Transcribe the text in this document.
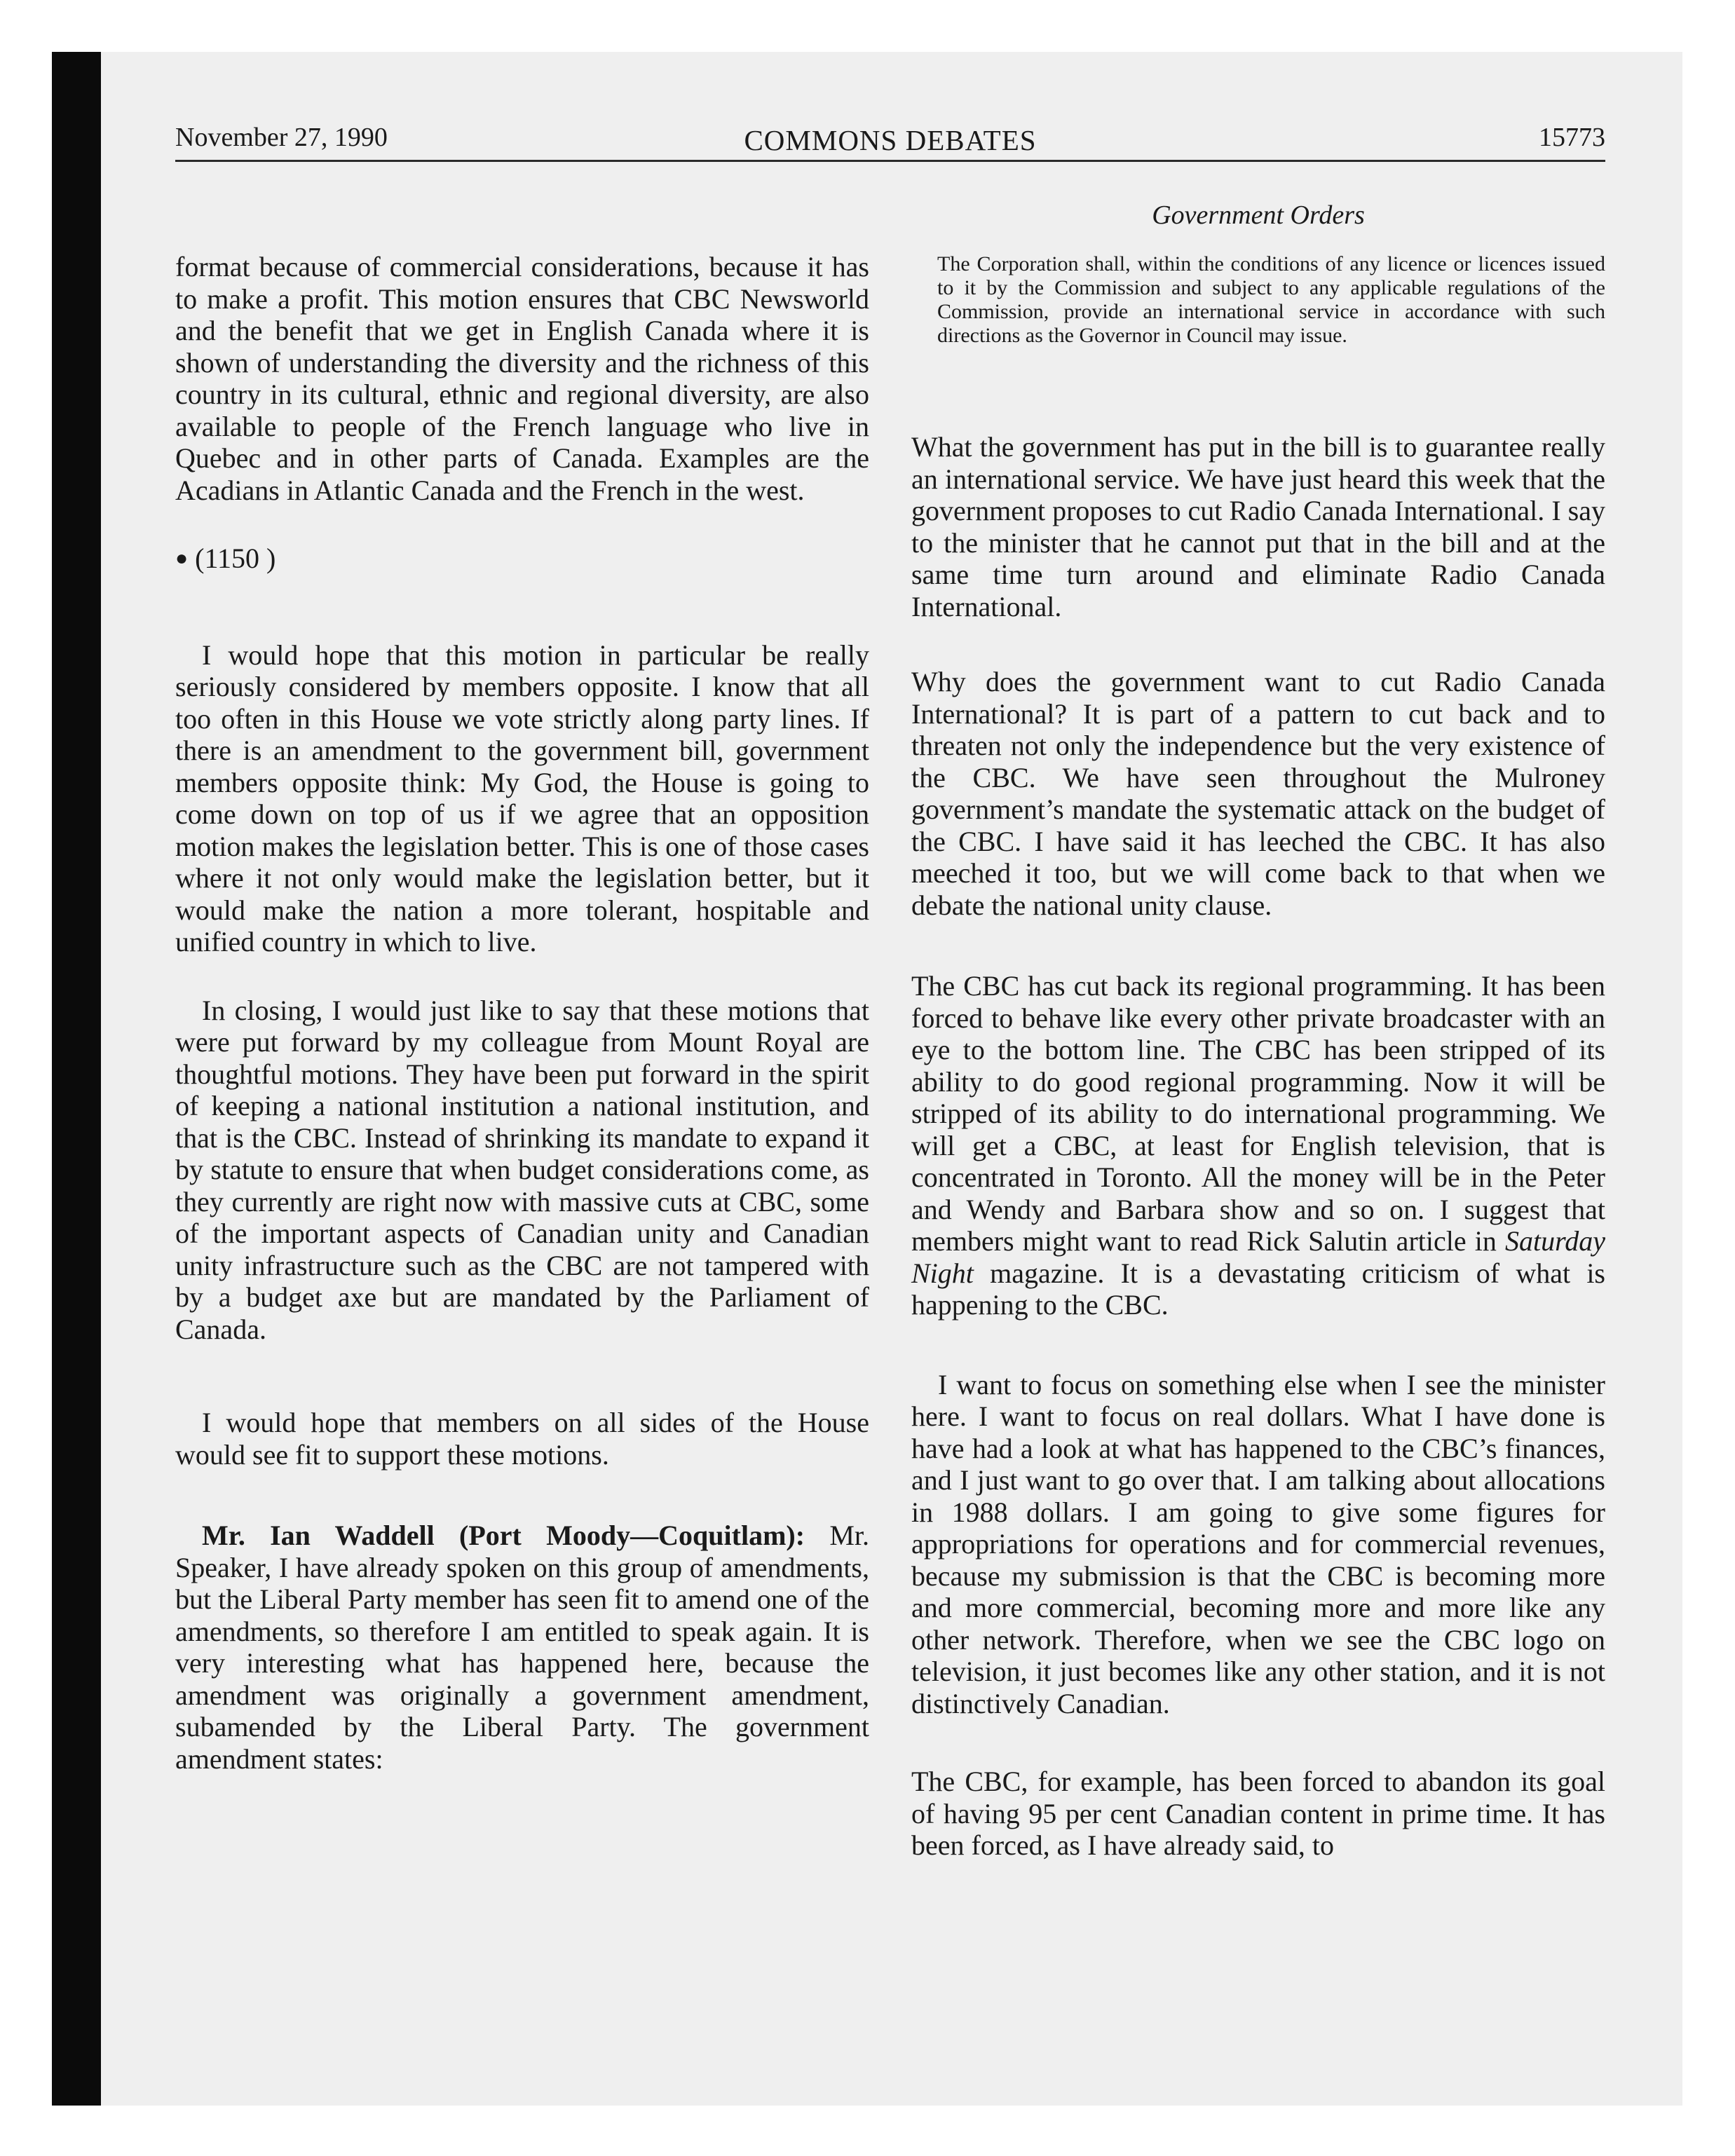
November 27, 1990	COMMONS DEBATES	15773
Government Orders

format because of commercial considerations, because it has to make a profit. This motion ensures that CBC Newsworld and the benefit that we get in English Canada where it is shown of understanding the diversity and the richness of this country in its cultural, ethnic and regional diversity, are also available to people of the French language who live in Quebec and in other parts of Canada. Examples are the Acadians in Atlantic Canada and the French in the west.

● (1150 )

I would hope that this motion in particular be really seriously considered by members opposite. I know that all too often in this House we vote strictly along party lines. If there is an amendment to the government bill, government members opposite think: My God, the House is going to come down on top of us if we agree that an opposition motion makes the legislation better. This is one of those cases where it not only would make the legislation better, but it would make the nation a more tolerant, hospitable and unified country in which to live.

In closing, I would just like to say that these motions that were put forward by my colleague from Mount Royal are thoughtful motions. They have been put forward in the spirit of keeping a national institution a national institution, and that is the CBC. Instead of shrinking its mandate to expand it by statute to ensure that when budget considerations come, as they currently are right now with massive cuts at CBC, some of the important aspects of Canadian unity and Canadian unity infrastructure such as the CBC are not tampered with by a budget axe but are mandated by the Parliament of Canada.

I would hope that members on all sides of the House would see fit to support these motions.

Mr. Ian Waddell (Port Moody—Coquitlam): Mr. Speaker, I have already spoken on this group of amendments, but the Liberal Party member has seen fit to amend one of the amendments, so therefore I am entitled to speak again. It is very interesting what has happened here, because the amendment was originally a government amendment, subamended by the Liberal Party. The government amendment states:

The Corporation shall, within the conditions of any licence or licences issued to it by the Commission and subject to any applicable regulations of the Commission, provide an international service in accordance with such directions as the Governor in Council may issue.

What the government has put in the bill is to guarantee really an international service. We have just heard this week that the government proposes to cut Radio Canada International. I say to the minister that he cannot put that in the bill and at the same time turn around and eliminate Radio Canada International.

Why does the government want to cut Radio Canada International? It is part of a pattern to cut back and to threaten not only the independence but the very existence of the CBC. We have seen throughout the Mulroney government’s mandate the systematic attack on the budget of the CBC. I have said it has leeched the CBC. It has also meeched it too, but we will come back to that when we debate the national unity clause.

The CBC has cut back its regional programming. It has been forced to behave like every other private broadcaster with an eye to the bottom line. The CBC has been stripped of its ability to do good regional programming. Now it will be stripped of its ability to do international programming. We will get a CBC, at least for English television, that is concentrated in Toronto. All the money will be in the Peter and Wendy and Barbara show and so on. I suggest that members might want to read Rick Salutin article in Saturday Night magazine. It is a devastating criticism of what is happening to the CBC.

I want to focus on something else when I see the minister here. I want to focus on real dollars. What I have done is have had a look at what has happened to the CBC’s finances, and I just want to go over that. I am talking about allocations in 1988 dollars. I am going to give some figures for appropriations for operations and for commercial revenues, because my submission is that the CBC is becoming more and more commercial, becoming more and more like any other network. Therefore, when we see the CBC logo on television, it just becomes like any other station, and it is not distinctively Canadian.

The CBC, for example, has been forced to abandon its goal of having 95 per cent Canadian content in prime time. It has been forced, as I have already said, to
